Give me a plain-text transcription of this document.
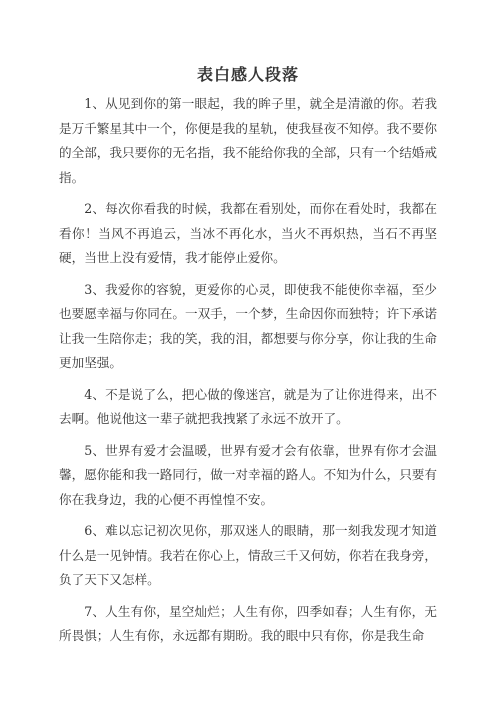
表白感人段落

1、从见到你的第一眼起，我的眸子里，就全是清澈的你。若我是万千繁星其中一个，你便是我的星轨，使我昼夜不知停。我不要你的全部，我只要你的无名指，我不能给你我的全部，只有一个结婚戒指。

2、每次你看我的时候，我都在看别处，而你在看处时，我都在看你！当风不再追云，当冰不再化水，当火不再炽热，当石不再坚硬，当世上没有爱情，我才能停止爱你。

3、我爱你的容貌，更爱你的心灵，即使我不能使你幸福，至少也要愿幸福与你同在。一双手，一个梦，生命因你而独特；许下承诺让我一生陪你走；我的笑，我的泪，都想要与你分享，你让我的生命更加坚强。

4、不是说了么，把心做的像迷宫，就是为了让你进得来，出不去啊。他说他这一辈子就把我拽紧了永远不放开了。

5、世界有爱才会温暖，世界有爱才会有依靠，世界有你才会温馨，愿你能和我一路同行，做一对幸福的路人。不知为什么，只要有你在我身边，我的心便不再惶惶不安。

6、难以忘记初次见你，那双迷人的眼睛，那一刻我发现才知道什么是一见钟情。我若在你心上，情敌三千又何妨，你若在我身旁，负了天下又怎样。

7、人生有你，星空灿烂；人生有你，四季如春；人生有你，无所畏惧；人生有你，永远都有期盼。我的眼中只有你，你是我生命
